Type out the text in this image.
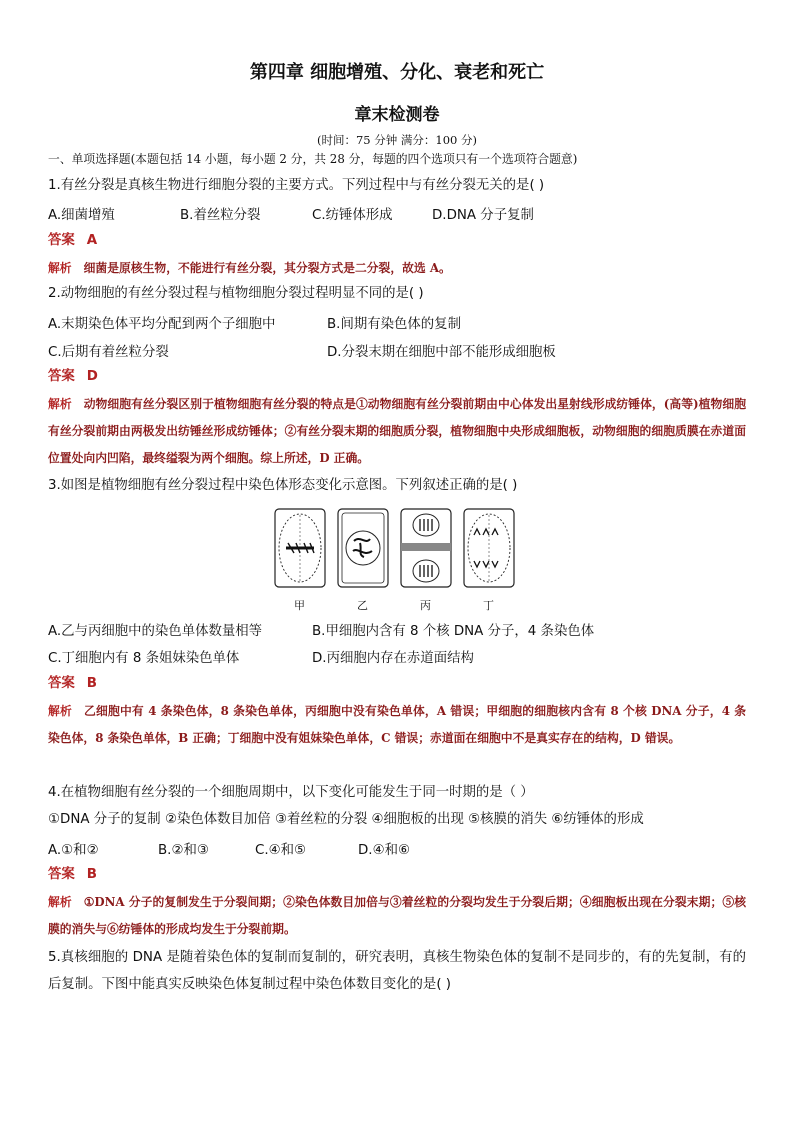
第四章 细胞增殖、分化、衰老和死亡
章末检测卷
(时间：75 分钟 满分：100 分)
一、单项选择题(本题包括 14 小题，每小题 2 分，共 28 分，每题的四个选项只有一个选项符合题意)
1.有丝分裂是真核生物进行细胞分裂的主要方式。下列过程中与有丝分裂无关的是( )
A.细菌增殖	B.着丝粒分裂	C.纺锤体形成	D.DNA 分子复制
答案 A
解析 细菌是原核生物，不能进行有丝分裂，其分裂方式是二分裂，故选 A。
2.动物细胞的有丝分裂过程与植物细胞分裂过程明显不同的是( )
A.末期染色体平均分配到两个子细胞中	B.间期有染色体的复制
C.后期有着丝粒分裂	D.分裂末期在细胞中部不能形成细胞板
答案 D
解析 动物细胞有丝分裂区别于植物细胞有丝分裂的特点是①动物细胞有丝分裂前期由中心体发出星射线形成纺锤体，(高等)植物细胞有丝分裂前期由两极发出纺锤丝形成纺锤体；②有丝分裂末期的细胞质分裂，植物细胞中央形成细胞板，动物细胞的细胞质膜在赤道面位置处向内凹陷，最终缢裂为两个细胞。综上所述，D 正确。
3.如图是植物细胞有丝分裂过程中染色体形态变化示意图。下列叙述正确的是( )
甲	乙	丙	丁
A.乙与丙细胞中的染色单体数量相等	B.甲细胞内含有 8 个核 DNA 分子，4 条染色体
C.丁细胞内有 8 条姐妹染色单体	D.丙细胞内存在赤道面结构
答案 B
解析 乙细胞中有 4 条染色体，8 条染色单体，丙细胞中没有染色单体，A 错误；甲细胞的细胞核内含有 8 个核 DNA 分子，4 条染色体，8 条染色单体，B 正确；丁细胞中没有姐妹染色单体，C 错误；赤道面在细胞中不是真实存在的结构，D 错误。
4.在植物细胞有丝分裂的一个细胞周期中，以下变化可能发生于同一时期的是（ ）
①DNA 分子的复制 ②染色体数目加倍 ③着丝粒的分裂 ④细胞板的出现 ⑤核膜的消失 ⑥纺锤体的形成
A.①和②	B.②和③	C.④和⑤	D.④和⑥
答案 B
解析 ①DNA 分子的复制发生于分裂间期；②染色体数目加倍与③着丝粒的分裂均发生于分裂后期；④细胞板出现在分裂末期；⑤核膜的消失与⑥纺锤体的形成均发生于分裂前期。
5.真核细胞的 DNA 是随着染色体的复制而复制的，研究表明，真核生物染色体的复制不是同步的，有的先复制，有的后复制。下图中能真实反映染色体复制过程中染色体数目变化的是( )
